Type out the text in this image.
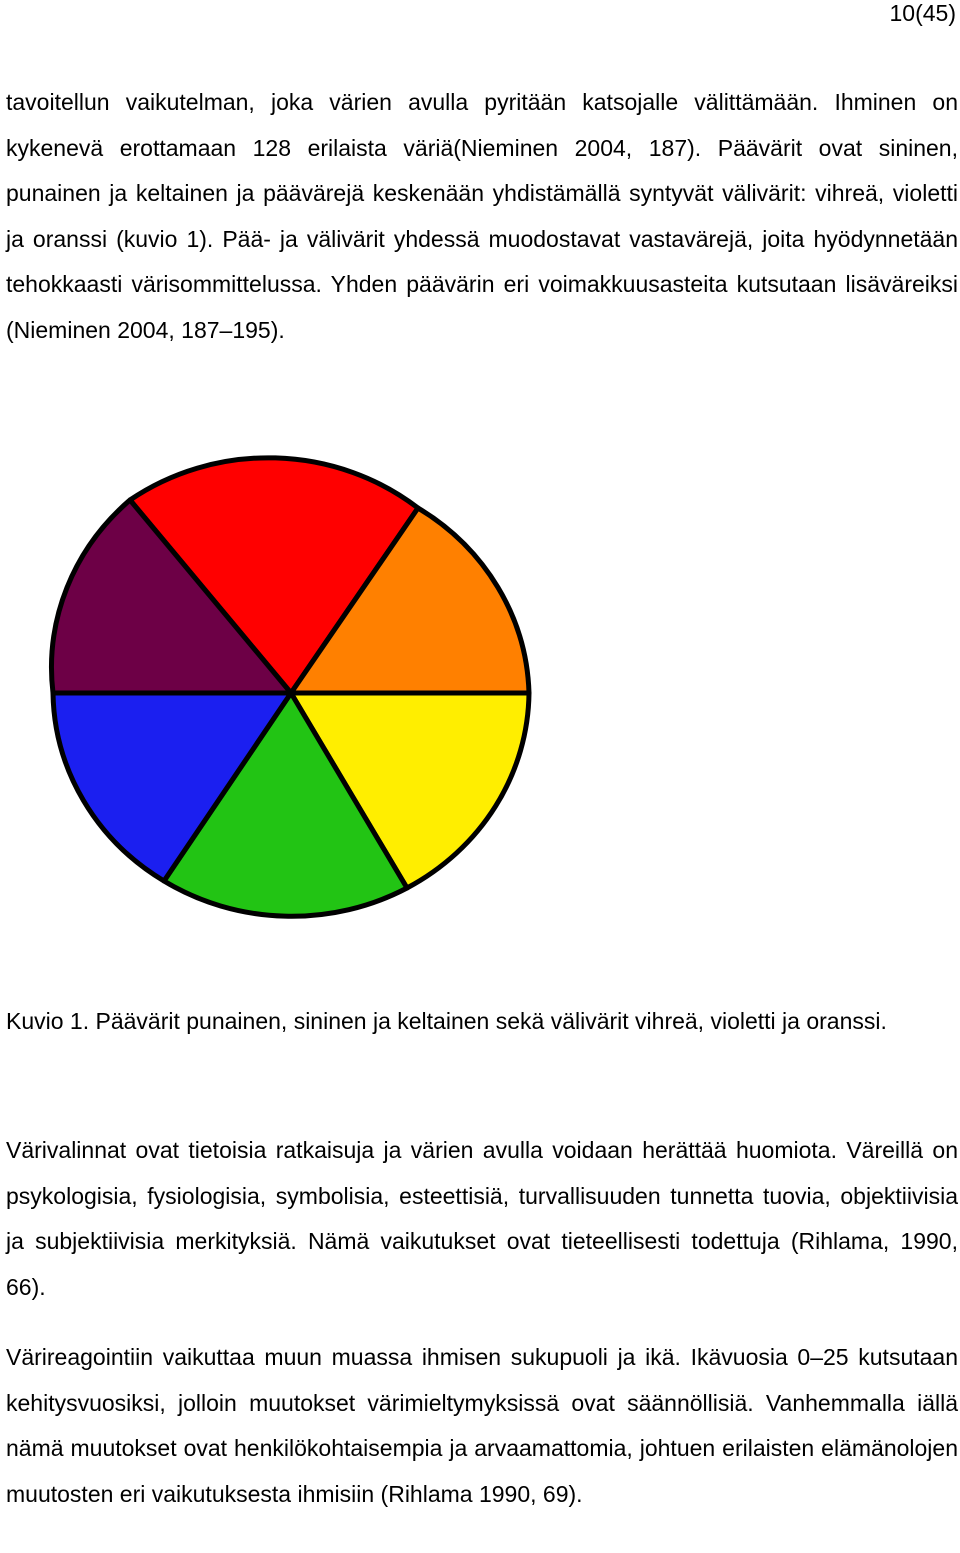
10(45)

tavoitellun vaikutelman, joka värien avulla pyritään katsojalle välittämään. Ihminen on kykenevä erottamaan 128 erilaista väriä(Nieminen 2004, 187). Päävärit ovat sininen, punainen ja keltainen ja päävärejä keskenään yhdistämällä syntyvät välivärit: vihreä, violetti ja oranssi (kuvio 1). Pää- ja välivärit yhdessä muodostavat vastavärejä, joita hyödynnetään tehokkaasti värisommittelussa. Yhden päävärin eri voimakkuusasteita kutsutaan lisäväreiksi (Nieminen 2004, 187–195).

Kuvio 1. Päävärit punainen, sininen ja keltainen sekä välivärit vihreä, violetti ja oranssi.

Värivalinnat ovat tietoisia ratkaisuja ja värien avulla voidaan herättää huomiota. Väreillä on psykologisia, fysiologisia, symbolisia, esteettisiä, turvallisuuden tunnetta tuovia, objektiivisia ja subjektiivisia merkityksiä. Nämä vaikutukset ovat tieteellisesti todettuja (Rihlama, 1990, 66).

Värireagointiin vaikuttaa muun muassa ihmisen sukupuoli ja ikä. Ikävuosia 0–25 kutsutaan kehitysvuosiksi, jolloin muutokset värimieltymyksissä ovat säännöllisiä. Vanhemmalla iällä nämä muutokset ovat henkilökohtaisempia ja arvaamattomia, johtuen erilaisten elämänolojen muutosten eri vaikutuksesta ihmisiin (Rihlama 1990, 69).
